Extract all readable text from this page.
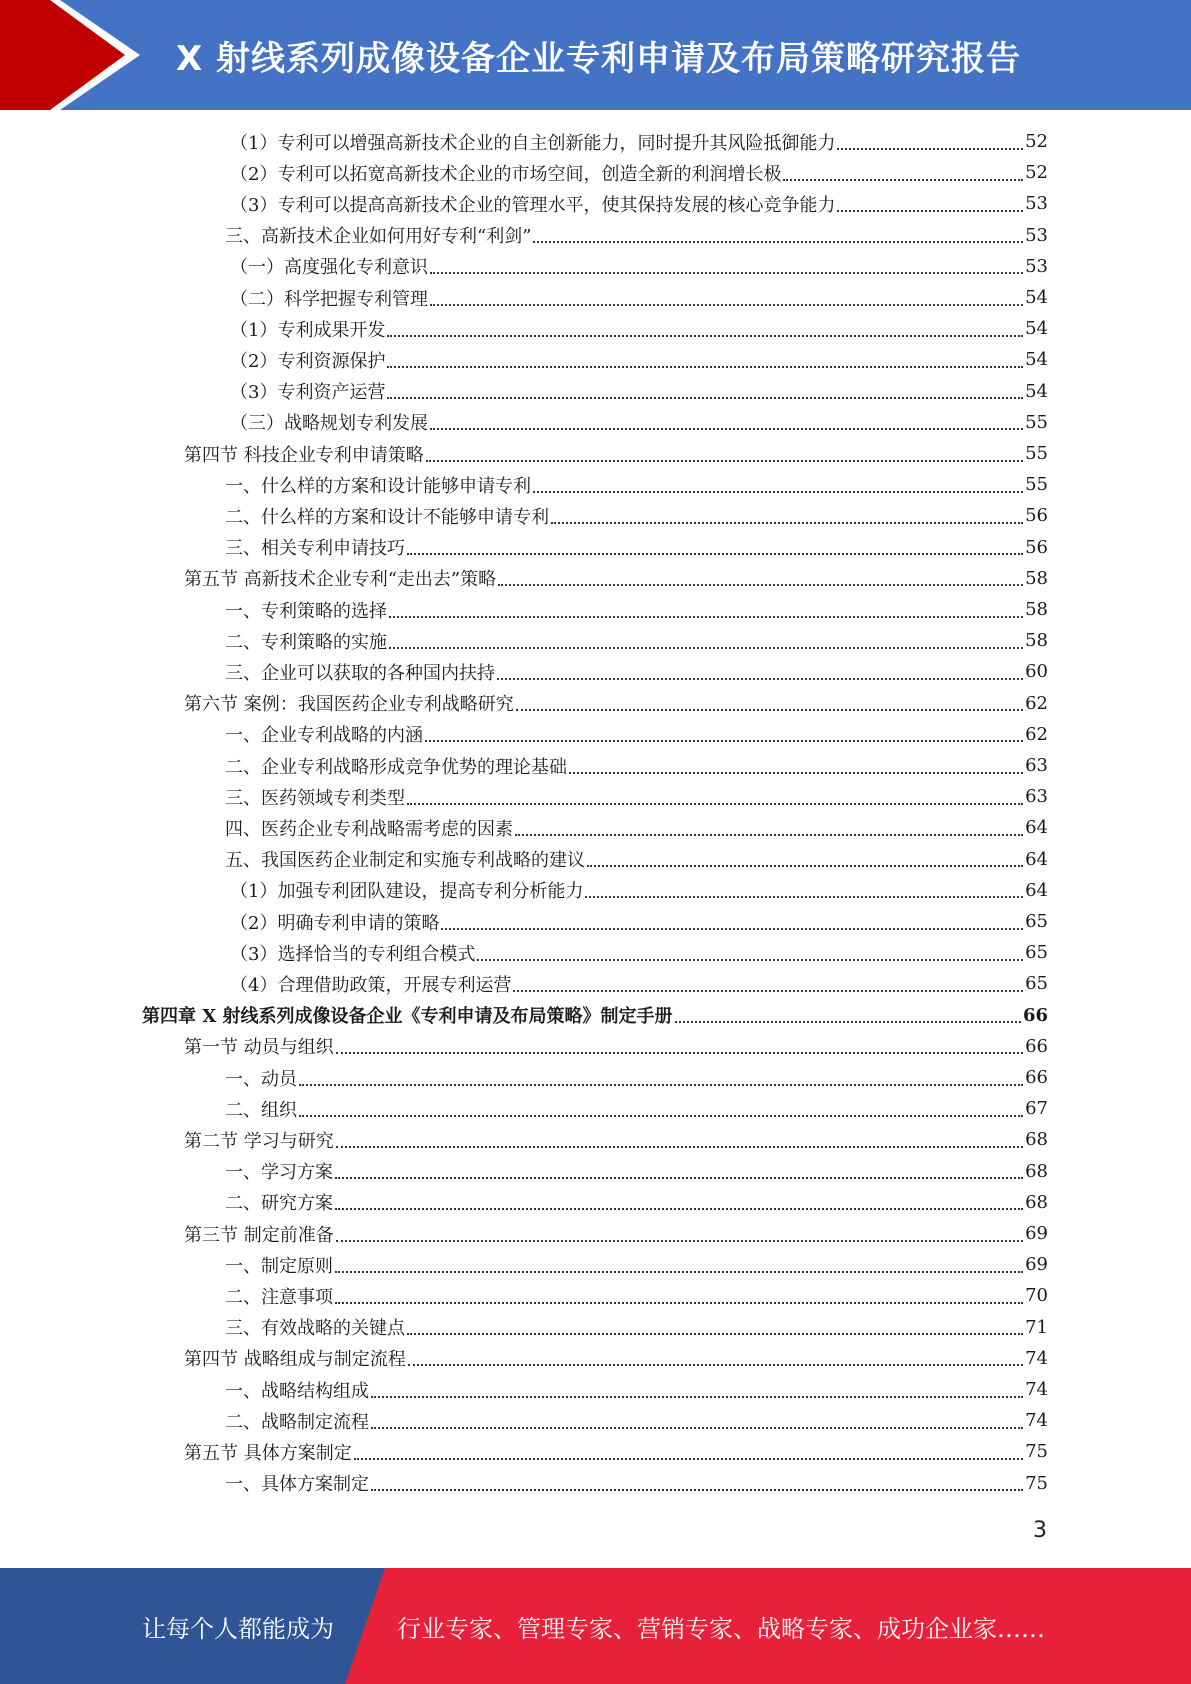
X 射线系列成像设备企业专利申请及布局策略研究报告
（1）专利可以增强高新技术企业的自主创新能力，同时提升其风险抵御能力	52
（2）专利可以拓宽高新技术企业的市场空间，创造全新的利润增长极	52
（3）专利可以提高高新技术企业的管理水平，使其保持发展的核心竞争能力	53
三、高新技术企业如何用好专利“利剑”	53
（一）高度强化专利意识	53
（二）科学把握专利管理	54
（1）专利成果开发	54
（2）专利资源保护	54
（3）专利资产运营	54
（三）战略规划专利发展	55
第四节 科技企业专利申请策略	55
一、什么样的方案和设计能够申请专利	55
二、什么样的方案和设计不能够申请专利	56
三、相关专利申请技巧	56
第五节 高新技术企业专利“走出去”策略	58
一、专利策略的选择	58
二、专利策略的实施	58
三、企业可以获取的各种国内扶持	60
第六节 案例：我国医药企业专利战略研究	62
一、企业专利战略的内涵	62
二、企业专利战略形成竞争优势的理论基础	63
三、医药领域专利类型	63
四、医药企业专利战略需考虑的因素	64
五、我国医药企业制定和实施专利战略的建议	64
（1）加强专利团队建设，提高专利分析能力	64
（2）明确专利申请的策略	65
（3）选择恰当的专利组合模式	65
（4）合理借助政策，开展专利运营	65
第四章 X 射线系列成像设备企业《专利申请及布局策略》制定手册	66
第一节 动员与组织	66
一、动员	66
二、组织	67
第二节 学习与研究	68
一、学习方案	68
二、研究方案	68
第三节 制定前准备	69
一、制定原则	69
二、注意事项	70
三、有效战略的关键点	71
第四节 战略组成与制定流程	74
一、战略结构组成	74
二、战略制定流程	74
第五节 具体方案制定	75
一、具体方案制定	75
3
让每个人都能成为	行业专家、管理专家、营销专家、战略专家、成功企业家……
